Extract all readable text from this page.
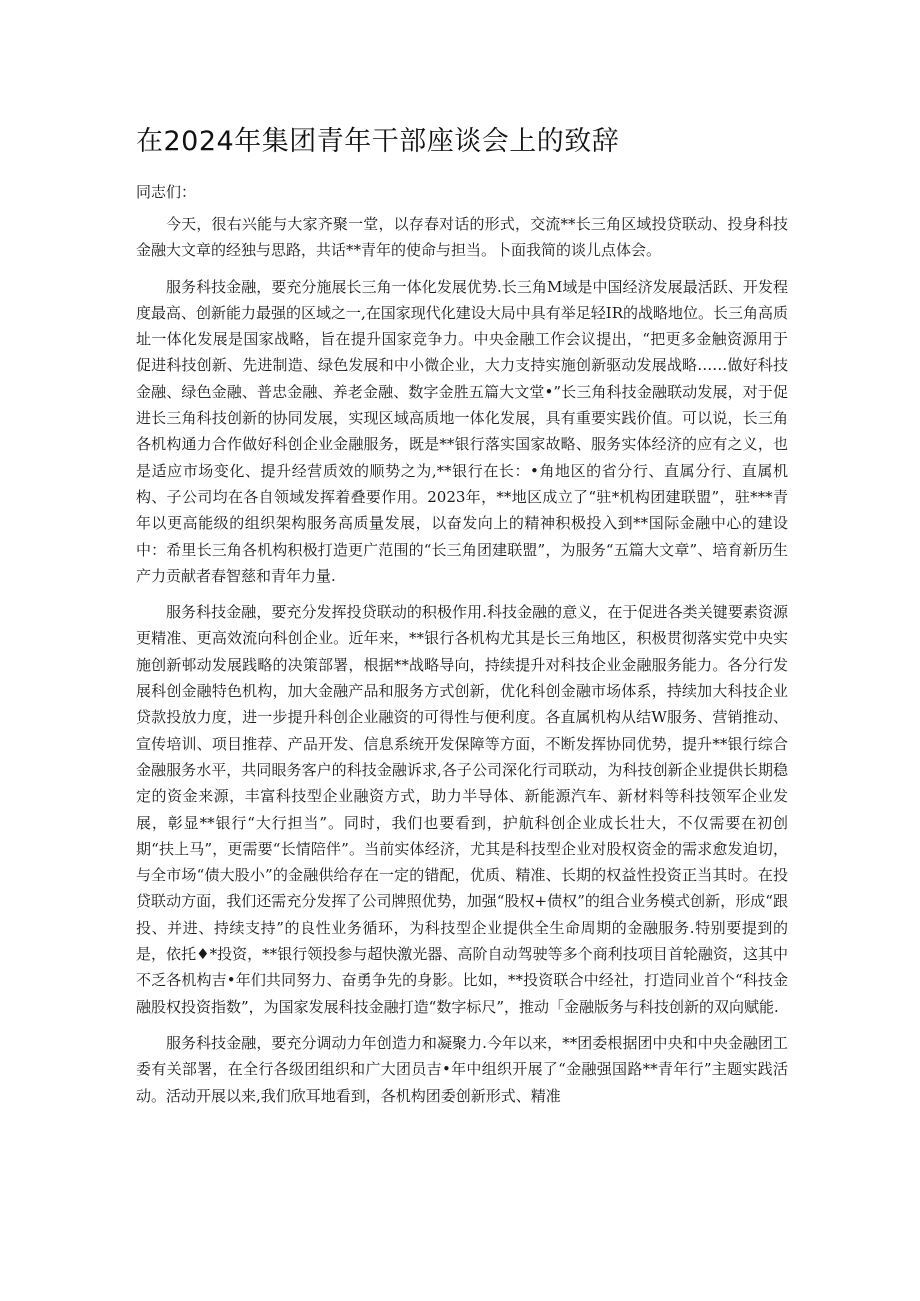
在2024年集团青年干部座谈会上的致辞

同志们：

今天，很右兴能与大家齐聚一堂，以存春对话的形式，交流**长三角区域投贷联动、投身科技金融大文章的经独与思路，共话**青年的使命与担当。卜面我简的谈儿点体会。

服务科技金融，要充分施展长三角一体化发展优势.长三角M域是中国经济发展最活跃、开发程度最高、创新能力最强的区域之一,在国家现代化建设大局中具有举足轻IR的战略地位。长三角高质址一体化发展是国家战略，旨在提升国家竞争力。中央金融工作会议提出，“把更多金触资源用于促进科技创新、先进制造、绿色发展和中小微企业，大力支持实施创新驱动发展战略……做好科技金融、绿色金融、普忠金融、养老金融、数字金胜五篇大文堂•”长三角科技金融联动发展，对于促进长三角科技创新的协同发展，实现区域高质地一体化发展，具有重要实践价值。可以说，长三角各机构通力合作做好科创企业金融服务，既是**银行落实国家故略、服务实体经济的应有之义，也是适应市场变化、提升经营质效的顺势之为,**银行在长：•角地区的省分行、直属分行、直属机构、子公司均在各自领域发挥着叠要作用。2023年，**地区成立了“驻*机构团建联盟”，驻***青年以更高能级的组织架构服务高质量发展，以奋发向上的精神积极投入到**国际金融中心的建设中：希里长三角各机构积极打造更广范围的“长三角团建联盟”，为服务“五篇大文章”、培育新历生产力贡献者春智慈和青年力量.

服务科技金融，要充分发挥投贷联动的积极作用.科技金融的意义，在于促进各类关键要素资源更精准、更高效流向科创企业。近年来，**银行各机构尤其是长三角地区，积极贯彻落实党中央实施创新邨动发展践略的决策部署，根据**战略导向，持续提升对科技企业金融服务能力。各分行发展科创金融特色机构，加大金融产品和服务方式创新，优化科创金融市场体系，持续加大科技企业贷款投放力度，进一步提升科创企业融资的可得性与便利度。各直属机构从结W服务、营销推动、宣传培训、项目推荐、产品开发、信息系统开发保障等方面，不断发挥协同优势，提升**银行综合金融服务水平，共同眼务客户的科技金融诉求,各子公司深化行司联动，为科技创新企业提供长期稳定的资金来源，丰富科技型企业融资方式，助力半导体、新能源汽车、新材料等科技领军企业发展，彰显**银行“大行担当”。同时，我们也要看到，护航科创企业成长壮大，不仅需要在初创期“扶上马”，更需要“长情陪伴”。当前实体经济，尤其是科技型企业对股权资金的需求愈发迫切，与全市场“债大股小”的金融供给存在一定的错配，优质、精准、长期的权益性投资正当其时。在投贷联动方面，我们还需充分发挥了公司牌照优势，加强“股权+债权”的组合业务模式创新，形成“跟投、并进、持续支持”的良性业务循环，为科技型企业提供全生命周期的金融服务.特别要提到的是，依托♦*投资，**银行领投参与超快激光器、高阶自动驾驶等多个商利技项目首轮融资，这其中不乏各机构吉•年们共同努力、奋勇争先的身影。比如，**投资联合中经社，打造同业首个“科技金融股权投资指数”，为国家发展科技金融打造“数字标尺”，推动「金融版务与科技创新的双向赋能.

服务科技金融，要充分调动力年创造力和凝聚力.今年以来，**团委根据团中央和中央金融团工委有关部署，在全行各级团组织和广大团员吉•年中组织开展了“金融强国路**青年行”主题实践活动。活动开展以来,我们欣耳地看到，各机构团委创新形式、精准
